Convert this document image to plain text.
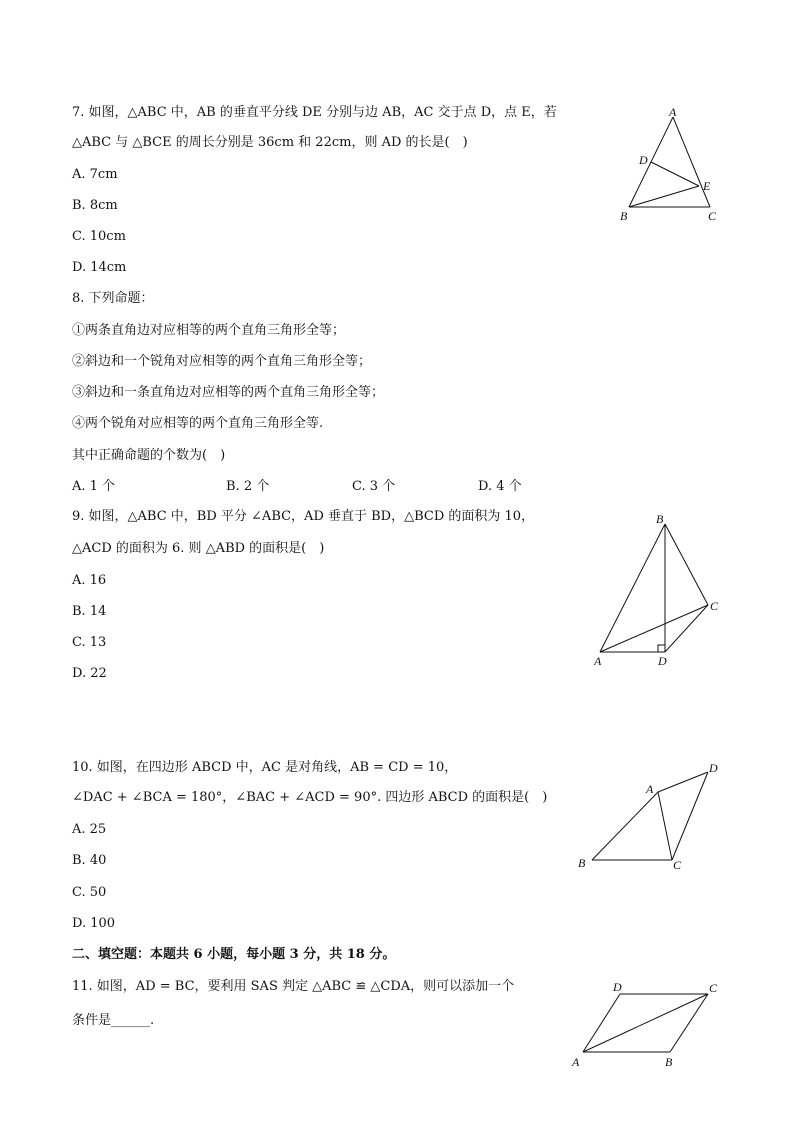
7. 如图，△ABC 中，AB 的垂直平分线 DE 分别与边 AB，AC 交于点 D，点 E，若
△ABC 与 △BCE 的周长分别是 36cm 和 22cm，则 AD 的长是(　)
A. 7cm
B. 8cm
C. 10cm
D. 14cm
A
D
E
B	C
8. 下列命题：
①两条直角边对应相等的两个直角三角形全等；
②斜边和一个锐角对应相等的两个直角三角形全等；
③斜边和一条直角边对应相等的两个直角三角形全等；
④两个锐角对应相等的两个直角三角形全等.
其中正确命题的个数为(　)
A. 1 个	B. 2 个	C. 3 个	D. 4 个
9. 如图，△ABC 中，BD 平分 ∠ABC，AD 垂直于 BD，△BCD 的面积为 10，
△ACD 的面积为 6. 则 △ABD 的面积是(　)
A. 16
B. 14
C. 13
D. 22
B
C
A	D
10. 如图，在四边形 ABCD 中，AC 是对角线，AB = CD = 10，
∠DAC + ∠BCA = 180°，∠BAC + ∠ACD = 90°. 四边形 ABCD 的面积是(　)
A. 25
B. 40
C. 50
D. 100
A
D
B	C
二、填空题：本题共 6 小题，每小题 3 分，共 18 分。
11. 如图，AD = BC，要利用 SAS 判定 △ABC ≌ △CDA，则可以添加一个
条件是______.
D	C
A	B
